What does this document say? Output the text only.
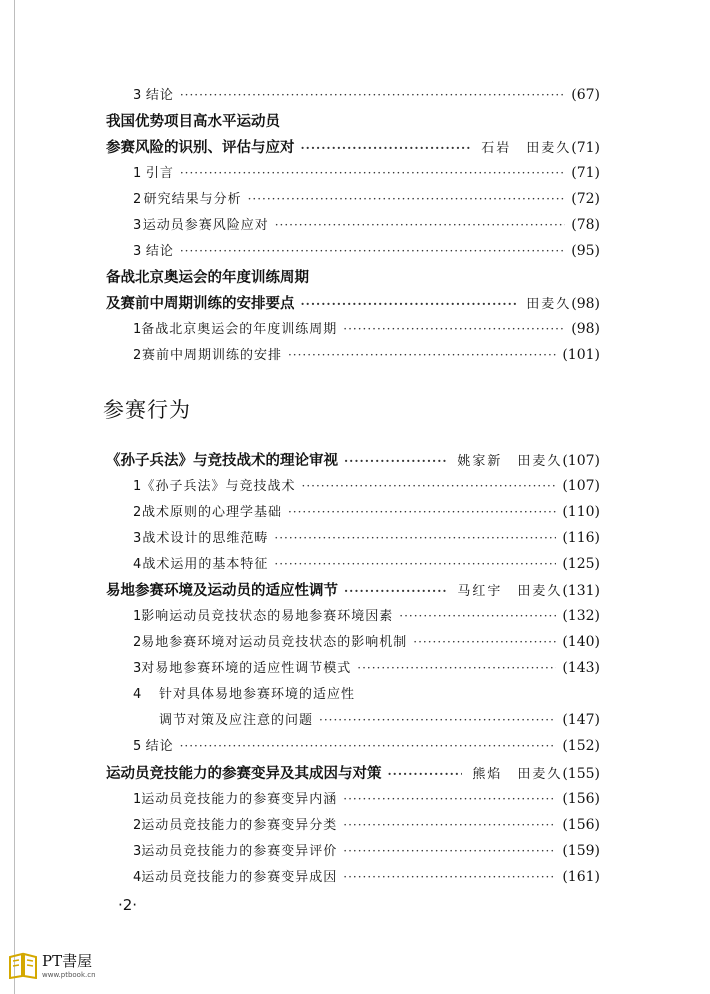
3 结论 ·····	(67)
我国优势项目高水平运动员
参赛风险的识别、评估与应对 ·····	石岩　田麦久 (71)
1 引言 ·····	(71)
2 研究结果与分析 ·····	(72)
3 运动员参赛风险应对 ·····	(78)
3 结论 ·····	(95)
备战北京奥运会的年度训练周期
及赛前中周期训练的安排要点 ·····	田麦久 (98)
1 备战北京奥运会的年度训练周期 ·····	(98)
2 赛前中周期训练的安排 ·····	(101)
《孙子兵法》与竞技战术的理论审视 ·····	姚家新　田麦久 (107)
1 《孙子兵法》与竞技战术 ·····	(107)
2 战术原则的心理学基础 ·····	(110)
3 战术设计的思维范畴 ·····	(116)
4 战术运用的基本特征 ·····	(125)
易地参赛环境及运动员的适应性调节 ·····	马红宇　田麦久 (131)
1 影响运动员竞技状态的易地参赛环境因素 ·····	(132)
2 易地参赛环境对运动员竞技状态的影响机制 ·····	(140)
3 对易地参赛环境的适应性调节模式 ·····	(143)
4	针对具体易地参赛环境的适应性
调节对策及应注意的问题 ·····	(147)
5 结论 ·····	(152)
运动员竞技能力的参赛变异及其成因与对策 ·····	熊焰　田麦久 (155)
1 运动员竞技能力的参赛变异内涵 ·····	(156)
2 运动员竞技能力的参赛变异分类 ·····	(156)
3 运动员竞技能力的参赛变异评价 ·····	(159)
4 运动员竞技能力的参赛变异成因 ·····	(161)
参赛行为
·2·
PT書屋
www.ptbook.cn
